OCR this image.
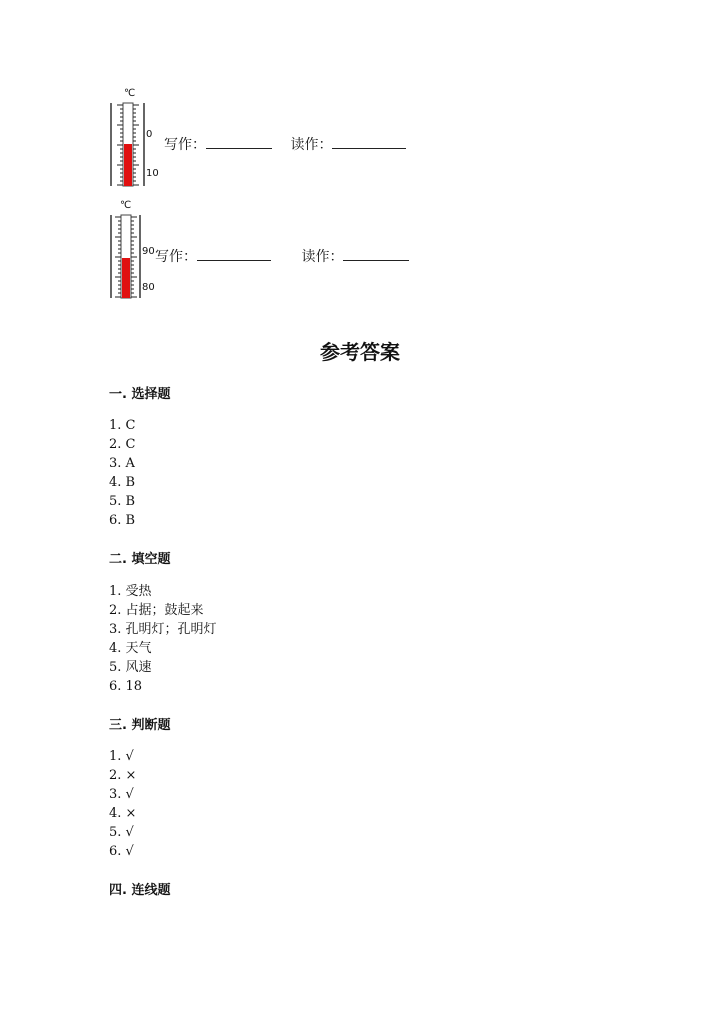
℃
0
10
写作：	读作：
℃
90
80
写作：	读作：
参考答案
一. 选择题
1. C
2. C
3. A
4. B
5. B
6. B
二. 填空题
1. 受热
2. 占据；鼓起来
3. 孔明灯；孔明灯
4. 天气
5. 风速
6. 18
三. 判断题
1. √
2. ×
3. √
4. ×
5. √
6. √
四. 连线题
